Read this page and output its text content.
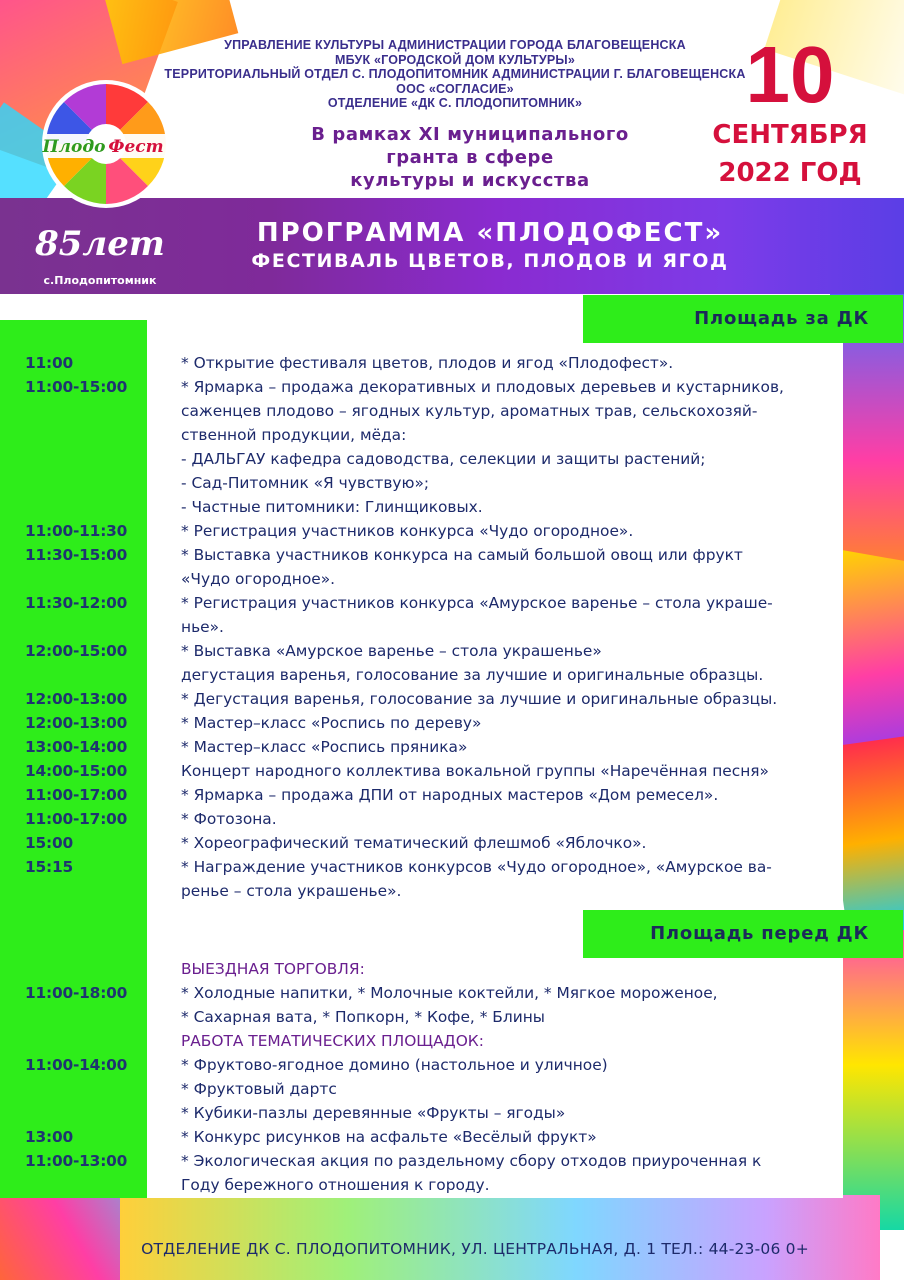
УПРАВЛЕНИЕ КУЛЬТУРЫ АДМИНИСТРАЦИИ ГОРОДА БЛАГОВЕЩЕНСКА
МБУК «ГОРОДСКОЙ ДОМ КУЛЬТУРЫ»
ТЕРРИТОРИАЛЬНЫЙ ОТДЕЛ С. ПЛОДОПИТОМНИК АДМИНИСТРАЦИИ Г. БЛАГОВЕЩЕНСКА
ООС «СОГЛАСИЕ»
ОТДЕЛЕНИЕ «ДК С. ПЛОДОПИТОМНИК»
В рамках XI муниципального
гранта в сфере
культуры и искусства
10
СЕНТЯБРЯ
2022 ГОД
ПРОГРАММА «ПЛОДОФЕСТ»
ФЕСТИВАЛЬ ЦВЕТОВ, ПЛОДОВ И ЯГОД
Плодо Фест
85лет
с.Плодопитомник
Площадь за ДК
Площадь перед ДК
11:00	* Открытие фестиваля цветов, плодов и ягод «Плодофест».
11:00-15:00	* Ярмарка – продажа декоративных и плодовых деревьев и кустарников,
саженцев плодово – ягодных культур, ароматных трав, сельскохозяй-
ственной продукции, мёда:
- ДАЛЬГАУ кафедра садоводства, селекции и защиты растений;
- Сад-Питомник «Я чувствую»;
- Частные питомники: Глинщиковых.
11:00-11:30	* Регистрация участников конкурса «Чудо огородное».
11:30-15:00	* Выставка участников конкурса на самый большой овощ или фрукт
«Чудо огородное».
11:30-12:00	* Регистрация участников конкурса «Амурское варенье – стола украше-
нье».
12:00-15:00	* Выставка «Амурское варенье – стола украшенье»
дегустация варенья, голосование за лучшие и оригинальные образцы.
12:00-13:00	* Дегустация варенья, голосование за лучшие и оригинальные образцы.
12:00-13:00	* Мастер–класс «Роспись по дереву»
13:00-14:00	* Мастер–класс «Роспись пряника»
14:00-15:00	Концерт народного коллектива вокальной группы «Наречённая песня»
11:00-17:00	* Ярмарка – продажа ДПИ от народных мастеров «Дом ремесел».
11:00-17:00	* Фотозона.
15:00	* Хореографический тематический флешмоб «Яблочко».
15:15	* Награждение участников конкурсов «Чудо огородное», «Амурское ва-
ренье – стола украшенье».
ВЫЕЗДНАЯ ТОРГОВЛЯ:
11:00-18:00	* Холодные напитки, * Молочные коктейли, * Мягкое мороженое,
* Сахарная вата, * Попкорн, * Кофе, * Блины
РАБОТА ТЕМАТИЧЕСКИХ ПЛОЩАДОК:
11:00-14:00	* Фруктово-ягодное домино (настольное и уличное)
* Фруктовый дартс
* Кубики-пазлы деревянные «Фрукты – ягоды»
13:00	* Конкурс рисунков на асфальте «Весёлый фрукт»
11:00-13:00	* Экологическая акция по раздельному сбору отходов приуроченная к
Году бережного отношения к городу.
ОТДЕЛЕНИЕ ДК С. ПЛОДОПИТОМНИК, УЛ. ЦЕНТРАЛЬНАЯ, Д. 1 ТЕЛ.: 44-23-06 0+
